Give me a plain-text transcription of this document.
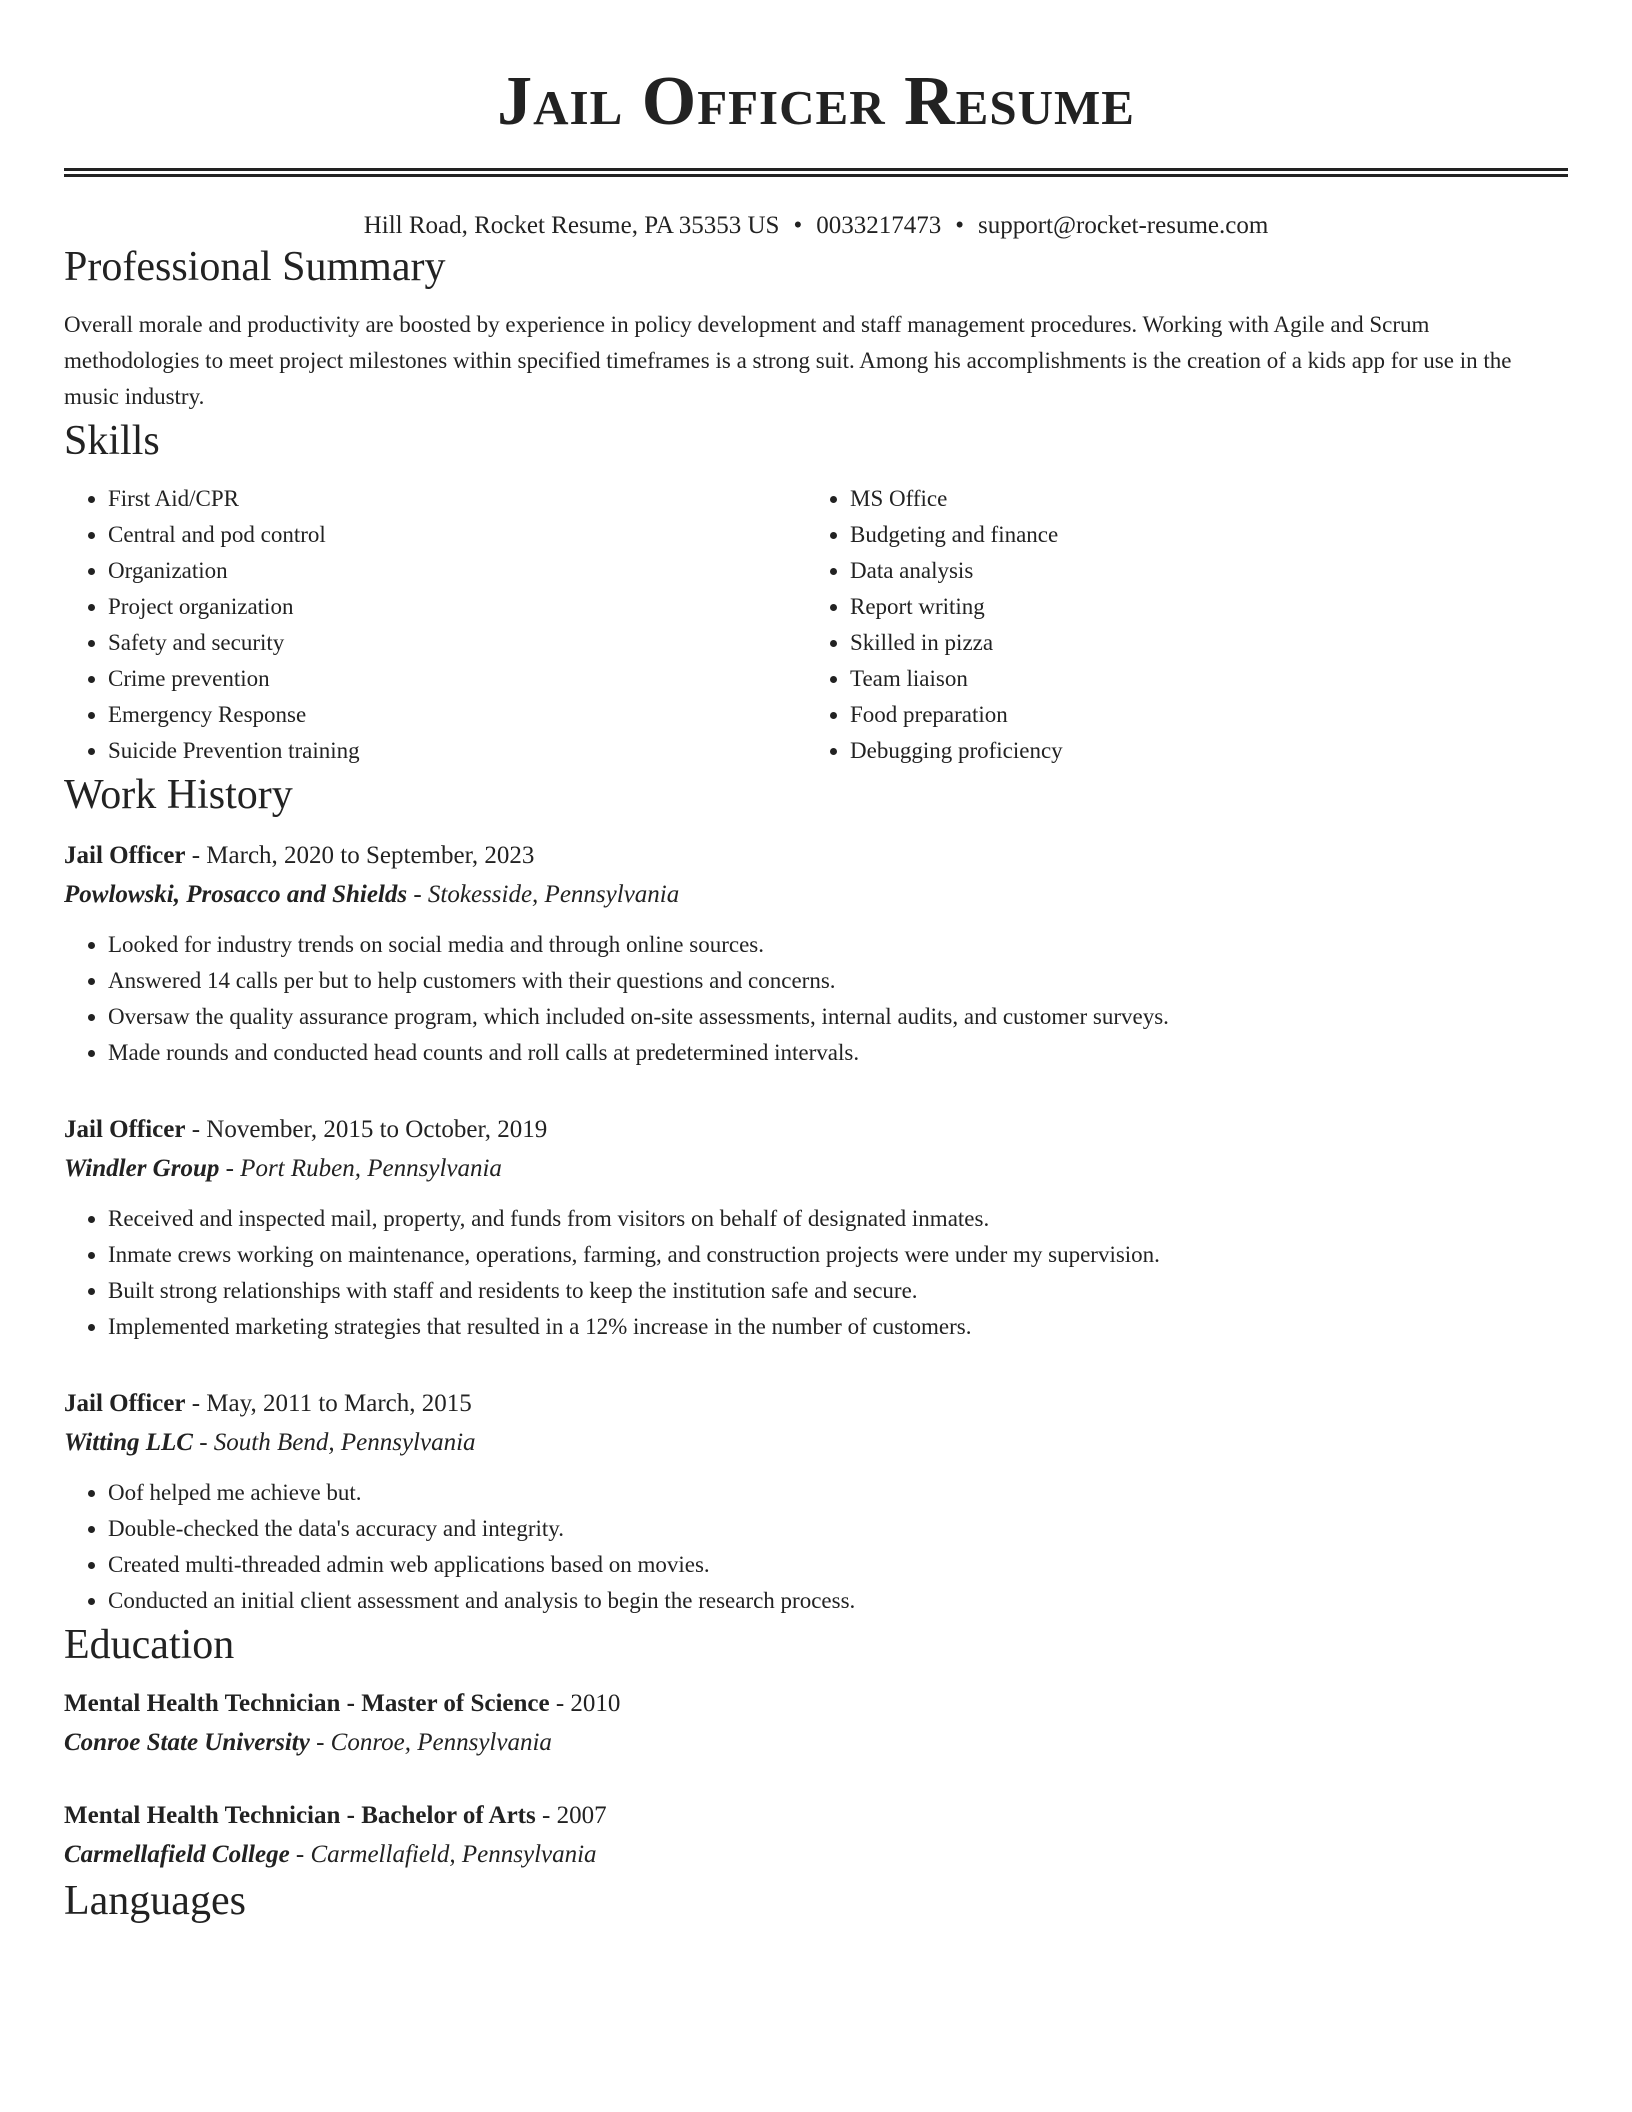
Jail Officer Resume
Hill Road, Rocket Resume, PA 35353 US • 0033217473 • support@rocket-resume.com
Professional Summary

Overall morale and productivity are boosted by experience in policy development and staff management procedures. Working with Agile and Scrum methodologies to meet project milestones within specified timeframes is a strong suit. Among his accomplishments is the creation of a kids app for use in the music industry.

Skills
• First Aid/CPR
• Central and pod control
• Organization
• Project organization
• Safety and security
• Crime prevention
• Emergency Response
• Suicide Prevention training
• MS Office
• Budgeting and finance
• Data analysis
• Report writing
• Skilled in pizza
• Team liaison
• Food preparation
• Debugging proficiency
Work History
Jail Officer - March, 2020 to September, 2023
Powlowski, Prosacco and Shields - Stokesside, Pennsylvania
• Looked for industry trends on social media and through online sources.
• Answered 14 calls per but to help customers with their questions and concerns.
• Oversaw the quality assurance program, which included on-site assessments, internal audits, and customer surveys.
• Made rounds and conducted head counts and roll calls at predetermined intervals.
Jail Officer - November, 2015 to October, 2019
Windler Group - Port Ruben, Pennsylvania
• Received and inspected mail, property, and funds from visitors on behalf of designated inmates.
• Inmate crews working on maintenance, operations, farming, and construction projects were under my supervision.
• Built strong relationships with staff and residents to keep the institution safe and secure.
• Implemented marketing strategies that resulted in a 12% increase in the number of customers.
Jail Officer - May, 2011 to March, 2015
Witting LLC - South Bend, Pennsylvania
• Oof helped me achieve but.
• Double-checked the data's accuracy and integrity.
• Created multi-threaded admin web applications based on movies.
• Conducted an initial client assessment and analysis to begin the research process.
Education
Mental Health Technician - Master of Science - 2010
Conroe State University - Conroe, Pennsylvania
Mental Health Technician - Bachelor of Arts - 2007
Carmellafield College - Carmellafield, Pennsylvania
Languages
